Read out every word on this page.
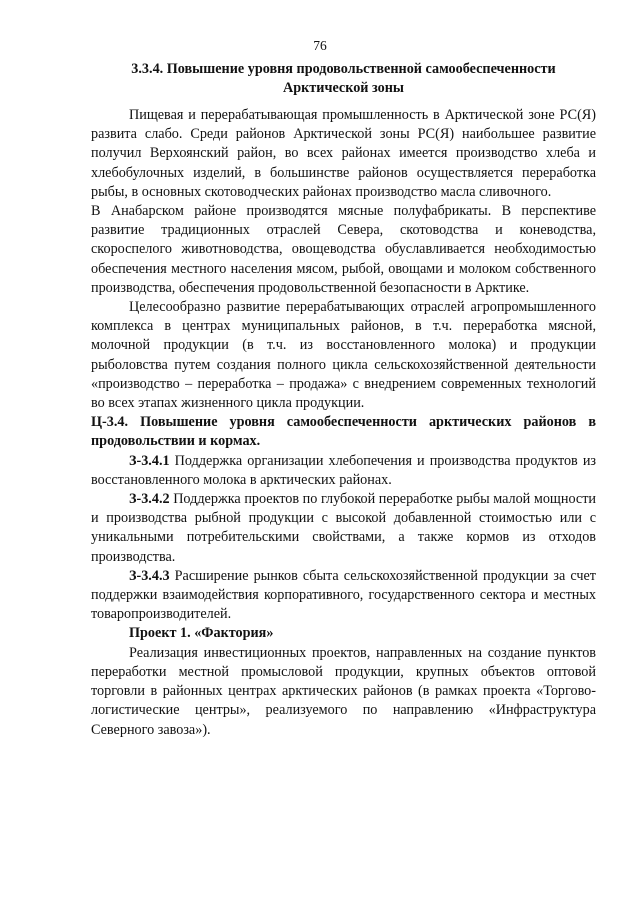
76
3.3.4. Повышение уровня продовольственной самообеспеченности
Арктической зоны

Пищевая и перерабатывающая промышленность в Арктической зоне РС(Я) развита слабо. Среди районов Арктической зоны РС(Я) наибольшее развитие получил Верхоянский район, во всех районах имеется производство хлеба и хлебобулочных изделий, в большинстве районов осуществляется переработка рыбы, в основных скотоводческих районах производство масла сливочного.

В Анабарском районе производятся мясные полуфабрикаты. В перспективе развитие традиционных отраслей Севера, скотоводства и коневодства, скороспелого животноводства, овощеводства обуславливается необходимостью обеспечения местного населения мясом, рыбой, овощами и молоком собственного производства, обеспечения продовольственной безопасности в Арктике.

Целесообразно развитие перерабатывающих отраслей агропромышленного комплекса в центрах муниципальных районов, в т.ч. переработка мясной, молочной продукции (в т.ч. из восстановленного молока) и продукции рыболовства путем создания полного цикла сельскохозяйственной деятельности «производство – переработка – продажа» с внедрением современных технологий во всех этапах жизненного цикла продукции.

Ц-3.4. Повышение уровня самообеспеченности арктических районов в продовольствии и кормах.

З-3.4.1 Поддержка организации хлебопечения и производства продуктов из восстановленного молока в арктических районах.

З-3.4.2 Поддержка проектов по глубокой переработке рыбы малой мощности и производства рыбной продукции с высокой добавленной стоимостью или с уникальными потребительскими свойствами, а также кормов из отходов производства.

З-3.4.3 Расширение рынков сбыта сельскохозяйственной продукции за счет поддержки взаимодействия корпоративного, государственного сектора и местных товаропроизводителей.

Проект 1. «Фактория»

Реализация инвестиционных проектов, направленных на создание пунктов переработки местной промысловой продукции, крупных объектов оптовой торговли в районных центрах арктических районов (в рамках проекта «Торгово-логистические центры», реализуемого по направлению «Инфраструктура Северного завоза»).
